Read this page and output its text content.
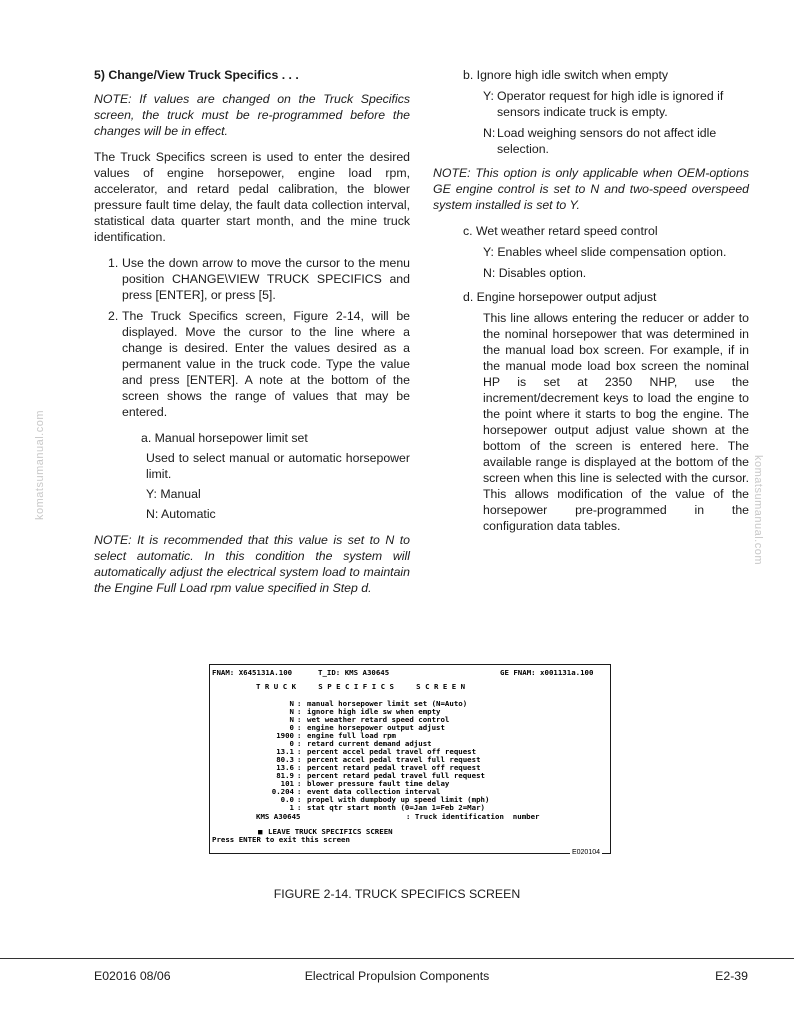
5) Change/View Truck Specifics . . .
NOTE: If values are changed on the Truck Specifics screen, the truck must be re-programmed before the changes will be in effect.
The Truck Specifics screen is used to enter the desired values of engine horsepower, engine load rpm, accelerator, and retard pedal calibration, the blower pressure fault time delay, the fault data collection interval, statistical data quarter start month, and the mine truck identification.
1. Use the down arrow to move the cursor to the menu position CHANGE\VIEW TRUCK SPECIFICS and press [ENTER], or press [5].
2. The Truck Specifics screen, Figure 2-14, will be displayed. Move the cursor to the line where a change is desired. Enter the values desired as a permanent value in the truck code. Type the value and press [ENTER]. A note at the bottom of the screen shows the range of values that may be entered.
a. Manual horsepower limit set
Used to select manual or automatic horsepower limit.
Y: Manual
N: Automatic
NOTE: It is recommended that this value is set to N to select automatic. In this condition the system will automatically adjust the electrical system load to maintain the Engine Full Load rpm value specified in Step d.
b. Ignore high idle switch when empty
Y: Operator request for high idle is ignored if sensors indicate truck is empty.
N: Load weighing sensors do not affect idle selection.
NOTE: This option is only applicable when OEM-options GE engine control is set to N and two-speed overspeed system installed is set to Y.
c. Wet weather retard speed control
Y: Enables wheel slide compensation option.
N: Disables option.
d. Engine horsepower output adjust
This line allows entering the reducer or adder to the nominal horsepower that was determined in the manual load box screen. For example, if in the manual mode load box screen the nominal HP is set at 2350 NHP, use the increment/decrement keys to load the engine to the point where it starts to bog the engine. The horsepower output adjust value shown at the bottom of the screen is entered here. The available range is displayed at the bottom of the screen when this line is selected with the cursor. This allows modification of the value of the horsepower pre-programmed in the configuration data tables.
komatsumanual.com	komatsumanual.com
FNAM: X645131A.100	T_ID: KMS A30645	GE FNAM: x001131a.100
T R U C K     S P E C I F I C S     S C R E E N
N : manual horsepower limit set (N=Auto)
N : ignore high idle sw when empty
N : wet weather retard speed control
0 : engine horsepower output adjust
1900 : engine full load rpm
0 : retard current demand adjust
13.1 : percent accel pedal travel off request
80.3 : percent accel pedal travel full request
13.6 : percent retard pedal travel off request
81.9 : percent retard pedal travel full request
101 : blower pressure fault time delay
0.204 : event data collection interval
0.0 : propel with dumpbody up speed limit (mph)
1 : stat qtr start month (0=Jan 1=Feb 2=Mar)
KMS A30645	: Truck identification  number
■ LEAVE TRUCK SPECIFICS SCREEN
Press ENTER to exit this screen
E020104
FIGURE 2-14. TRUCK SPECIFICS SCREEN
E02016 08/06	Electrical Propulsion Components	E2-39
